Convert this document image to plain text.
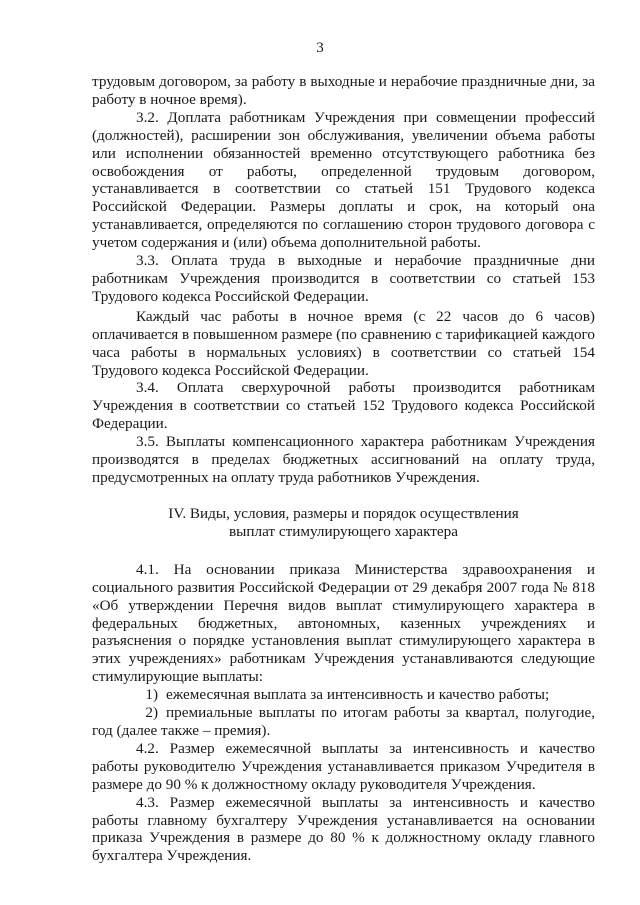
3

трудовым договором, за работу в выходные и нерабочие праздничные дни, за работу в ночное время).

3.2. Доплата работникам Учреждения при совмещении профессий (должностей), расширении зон обслуживания, увеличении объема работы или исполнении обязанностей временно отсутствующего работника без освобождения от работы, определенной трудовым договором, устанавливается в соответствии со статьей 151 Трудового кодекса Российской Федерации. Размеры доплаты и срок, на который она устанавливается, определяются по соглашению сторон трудового договора с учетом содержания и (или) объема дополнительной работы.

3.3. Оплата труда в выходные и нерабочие праздничные дни работникам Учреждения производится в соответствии со статьей 153 Трудового кодекса Российской Федерации.

Каждый час работы в ночное время (с 22 часов до 6 часов) оплачивается в повышенном размере (по сравнению с тарификацией каждого часа работы в нормальных условиях) в соответствии со статьей 154 Трудового кодекса Российской Федерации.

3.4. Оплата сверхурочной работы производится работникам Учреждения в соответствии со статьей 152 Трудового кодекса Российской Федерации.

3.5. Выплаты компенсационного характера работникам Учреждения производятся в пределах бюджетных ассигнований на оплату труда, предусмотренных на оплату труда работников Учреждения.

IV. Виды, условия, размеры и порядок осуществления
выплат стимулирующего характера

4.1. На основании приказа Министерства здравоохранения и социального развития Российской Федерации от 29 декабря 2007 года № 818 «Об утверждении Перечня видов выплат стимулирующего характера в федеральных бюджетных, автономных, казенных учреждениях и разъяснения о порядке установления выплат стимулирующего характера в этих учреждениях» работникам Учреждения устанавливаются следующие стимулирующие выплаты:

1) ежемесячная выплата за интенсивность и качество работы;

2) премиальные выплаты по итогам работы за квартал, полугодие, год (далее также – премия).

4.2. Размер ежемесячной выплаты за интенсивность и качество работы руководителю Учреждения устанавливается приказом Учредителя в размере до 90 % к должностному окладу руководителя Учреждения.

4.3. Размер ежемесячной выплаты за интенсивность и качество работы главному бухгалтеру Учреждения устанавливается на основании приказа Учреждения в размере до 80 % к должностному окладу главного бухгалтера Учреждения.
